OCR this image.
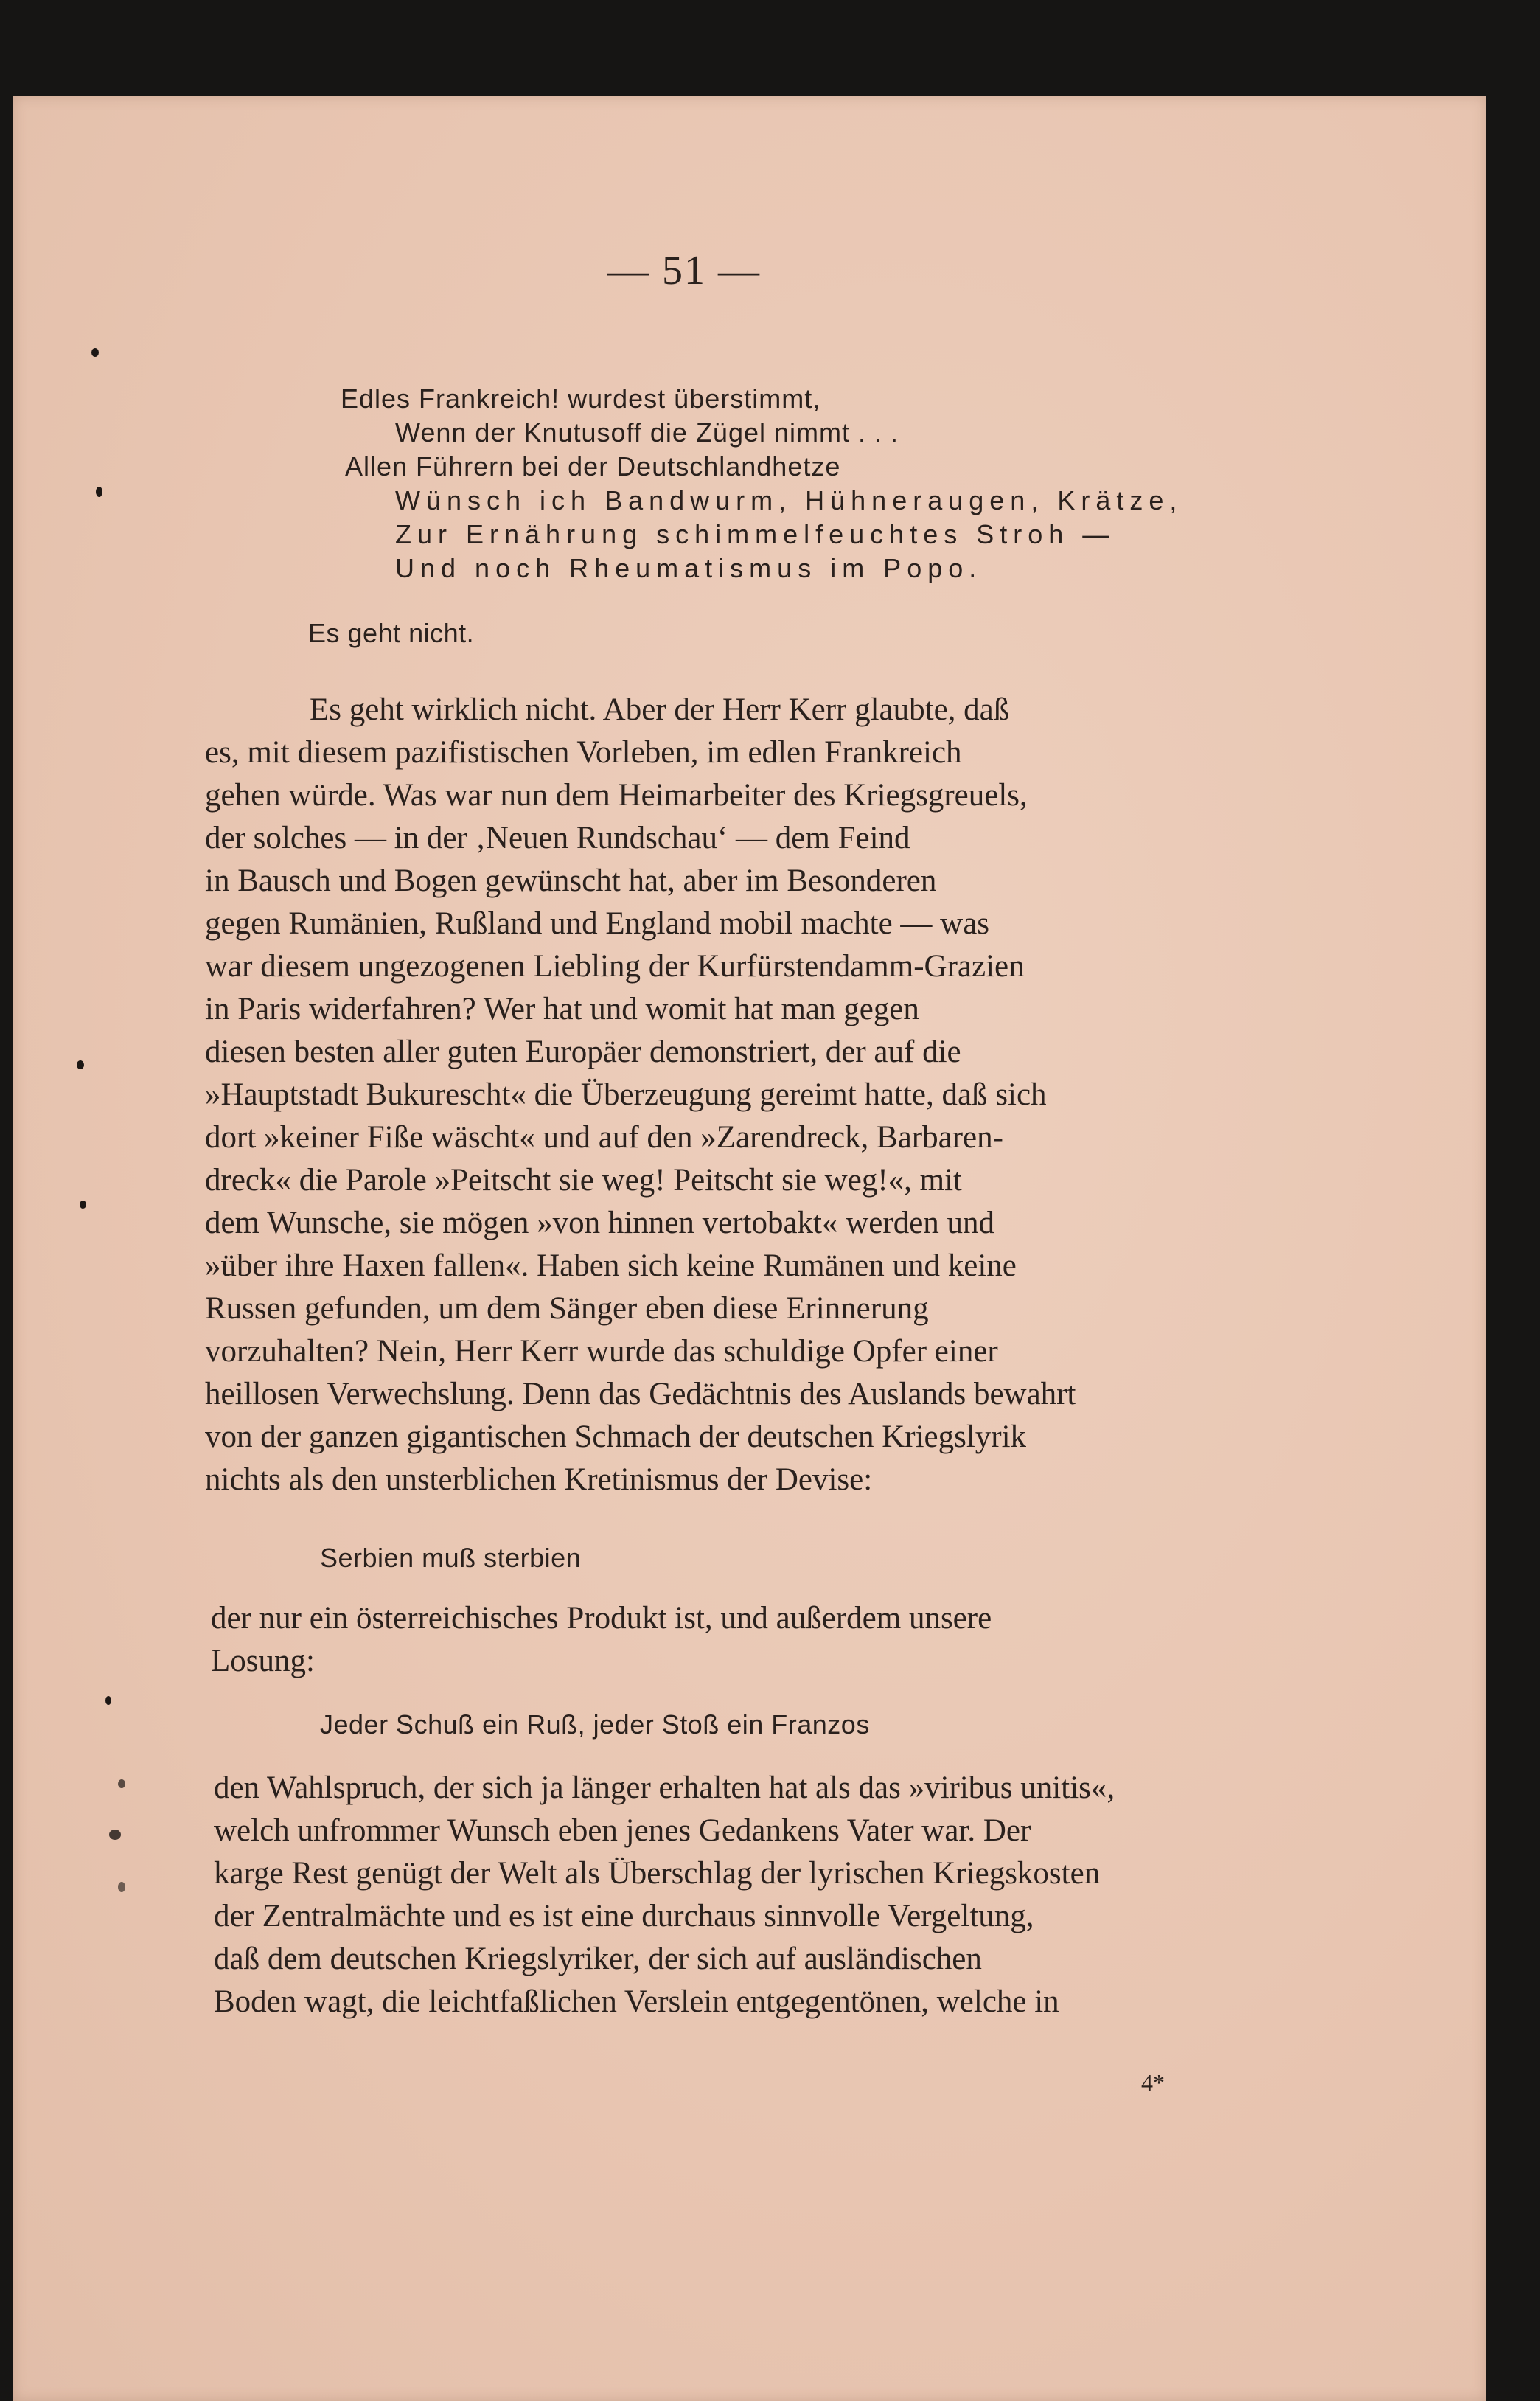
— 51 —
Edles Frankreich! wurdest überstimmt,
Wenn der Knutusoff die Zügel nimmt . . .
Allen Führern bei der Deutschlandhetze
Wünsch ich Bandwurm, Hühneraugen, Krätze,
Zur Ernährung schimmelfeuchtes Stroh —
Und noch Rheumatismus im Popo.
Es geht nicht.
Es geht wirklich nicht. Aber der Herr Kerr glaubte, daß
es, mit diesem pazifistischen Vorleben, im edlen Frankreich
gehen würde. Was war nun dem Heimarbeiter des Kriegsgreuels,
der solches — in der ‚Neuen Rundschau‘ — dem Feind
in Bausch und Bogen gewünscht hat, aber im Besonderen
gegen Rumänien, Rußland und England mobil machte — was
war diesem ungezogenen Liebling der Kurfürstendamm-Grazien
in Paris widerfahren? Wer hat und womit hat man gegen
diesen besten aller guten Europäer demonstriert, der auf die
»Hauptstadt Bukurescht« die Überzeugung gereimt hatte, daß sich
dort »keiner Fiße wäscht« und auf den »Zarendreck, Barbaren-
dreck« die Parole »Peitscht sie weg! Peitscht sie weg!«, mit
dem Wunsche, sie mögen »von hinnen vertobakt« werden und
»über ihre Haxen fallen«. Haben sich keine Rumänen und keine
Russen gefunden, um dem Sänger eben diese Erinnerung
vorzuhalten? Nein, Herr Kerr wurde das schuldige Opfer einer
heillosen Verwechslung. Denn das Gedächtnis des Auslands bewahrt
von der ganzen gigantischen Schmach der deutschen Kriegslyrik
nichts als den unsterblichen Kretinismus der Devise:
Serbien muß sterbien
der nur ein österreichisches Produkt ist, und außerdem unsere
Losung:
Jeder Schuß ein Ruß, jeder Stoß ein Franzos
den Wahlspruch, der sich ja länger erhalten hat als das »viribus unitis«,
welch unfrommer Wunsch eben jenes Gedankens Vater war. Der
karge Rest genügt der Welt als Überschlag der lyrischen Kriegskosten
der Zentralmächte und es ist eine durchaus sinnvolle Vergeltung,
daß dem deutschen Kriegslyriker, der sich auf ausländischen
Boden wagt, die leichtfaßlichen Verslein entgegentönen, welche in
4*
